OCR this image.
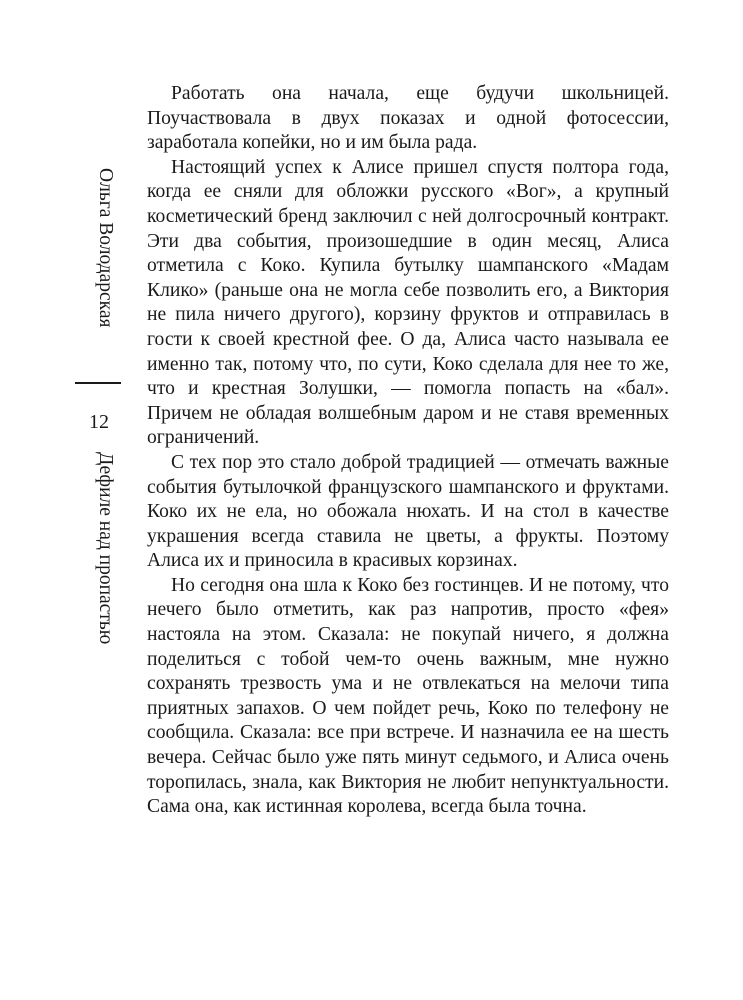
Ольга Володарская
12
Дефиле над пропастью

Работать она начала, еще будучи школьницей. Поучаствовала в двух показах и одной фотосессии, заработала копейки, но и им была рада.

Настоящий успех к Алисе пришел спустя полтора года, когда ее сняли для обложки русского «Вог», а крупный косметический бренд заключил с ней долгосрочный контракт. Эти два события, произошедшие в один месяц, Алиса отметила с Коко. Купила бутылку шампанского «Мадам Клико» (раньше она не могла себе позволить его, а Виктория не пила ничего другого), корзину фруктов и отправилась в гости к своей крестной фее. О да, Алиса часто называла ее именно так, потому что, по сути, Коко сделала для нее то же, что и крестная Золушки, — помогла попасть на «бал». Причем не обладая волшебным даром и не ставя временных ограничений.

С тех пор это стало доброй традицией — отмечать важные события бутылочкой французского шампанского и фруктами. Коко их не ела, но обожала нюхать. И на стол в качестве украшения всегда ставила не цветы, а фрукты. Поэтому Алиса их и приносила в красивых корзинах.

Но сегодня она шла к Коко без гостинцев. И не потому, что нечего было отметить, как раз напротив, просто «фея» настояла на этом. Сказала: не покупай ничего, я должна поделиться с тобой чем-то очень важным, мне нужно сохранять трезвость ума и не отвлекаться на мелочи типа приятных запахов. О чем пойдет речь, Коко по телефону не сообщила. Сказала: все при встрече. И назначила ее на шесть вечера. Сейчас было уже пять минут седьмого, и Алиса очень торопилась, знала, как Виктория не любит непунктуальности. Сама она, как истинная королева, всегда была точна.
